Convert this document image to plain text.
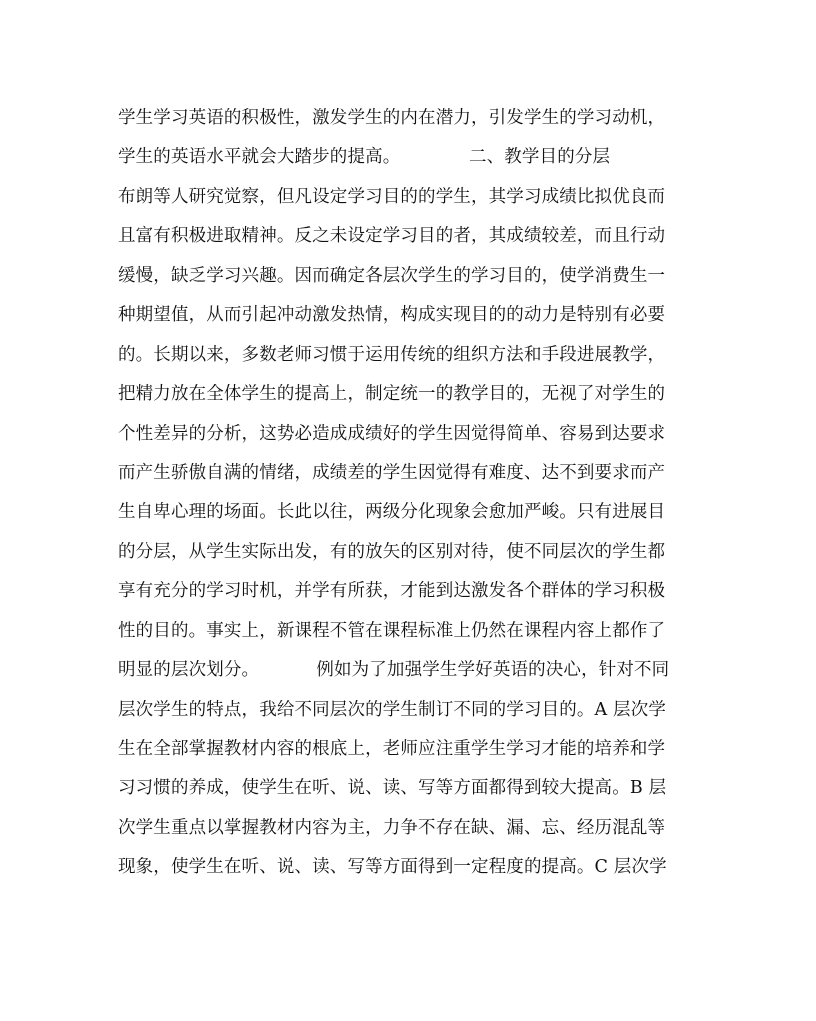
学生学习英语的积极性，激发学生的内在潜力，引发学生的学习动机，
学生的英语水平就会大踏步的提高。            二、教学目的分层
布朗等人研究觉察，但凡设定学习目的的学生，其学习成绩比拟优良而
且富有积极进取精神。反之未设定学习目的者，其成绩较差，而且行动
缓慢，缺乏学习兴趣。因而确定各层次学生的学习目的，使学消费生一
种期望值，从而引起冲动激发热情，构成实现目的的动力是特别有必要
的。长期以来，多数老师习惯于运用传统的组织方法和手段进展教学，
把精力放在全体学生的提高上，制定统一的教学目的，无视了对学生的
个性差异的分析，这势必造成成绩好的学生因觉得简单、容易到达要求
而产生骄傲自满的情绪，成绩差的学生因觉得有难度、达不到要求而产
生自卑心理的场面。长此以往，两级分化现象会愈加严峻。只有进展目
的分层，从学生实际出发，有的放矢的区别对待，使不同层次的学生都
享有充分的学习时机，并学有所获，才能到达激发各个群体的学习积极
性的目的。事实上，新课程不管在课程标准上仍然在课程内容上都作了
明显的层次划分。          例如为了加强学生学好英语的决心，针对不同
层次学生的特点，我给不同层次的学生制订不同的学习目的。A 层次学
生在全部掌握教材内容的根底上，老师应注重学生学习才能的培养和学
习习惯的养成，使学生在听、说、读、写等方面都得到较大提高。B 层
次学生重点以掌握教材内容为主，力争不存在缺、漏、忘、经历混乱等
现象，使学生在听、说、读、写等方面得到一定程度的提高。C 层次学
